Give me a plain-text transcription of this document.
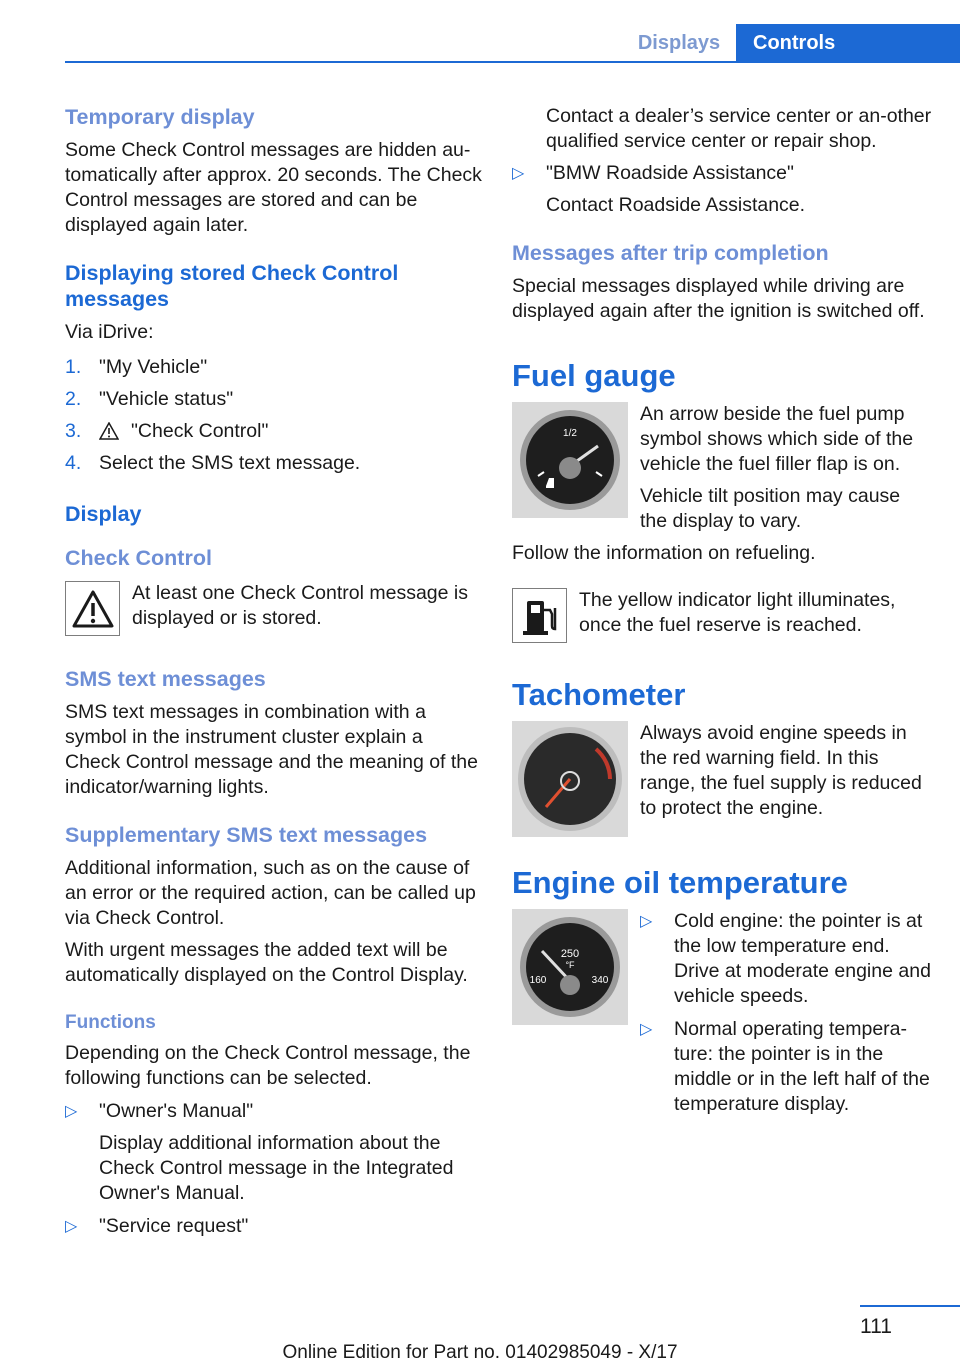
Displays	Controls
Temporary display

Some Check Control messages are hidden au-tomatically after approx. 20 seconds. The Check Control messages are stored and can be displayed again later.

Displaying stored Check Control messages

Via iDrive:

1. "My Vehicle"
2. "Vehicle status"
3.	"Check Control"
4. Select the SMS text message.
Display
Check Control

At least one Check Control message is displayed or is stored.

SMS text messages

SMS text messages in combination with a symbol in the instrument cluster explain a Check Control message and the meaning of the indicator/warning lights.

Supplementary SMS text messages

Additional information, such as on the cause of an error or the required action, can be called up via Check Control.

With urgent messages the added text will be automatically displayed on the Control Display.

Functions

Depending on the Check Control message, the following functions can be selected.

▷	"Owner's Manual"

Display additional information about the Check Control message in the Integrated Owner's Manual.

▷	"Service request"

Contact a dealer’s service center or an-other qualified service center or repair shop.

▷	"BMW Roadside Assistance"

Contact Roadside Assistance.

Messages after trip completion

Special messages displayed while driving are displayed again after the ignition is switched off.

Fuel gauge
1/2

An arrow beside the fuel pump symbol shows which side of the vehicle the fuel filler flap is on.

Vehicle tilt position may cause the display to vary.

Follow the information on refueling.

The yellow indicator light illuminates, once the fuel reserve is reached.

Tachometer

Always avoid engine speeds in the red warning field. In this range, the fuel supply is reduced to protect the engine.

Engine oil temperature
250
°F
160	340
▷	Cold engine: the pointer is at the low temperature end. Drive at moderate engine and vehicle speeds.

▷	Normal operating tempera-ture: the pointer is in the middle or in the left half of the temperature display.

111
Online Edition for Part no. 01402985049 - X/17
